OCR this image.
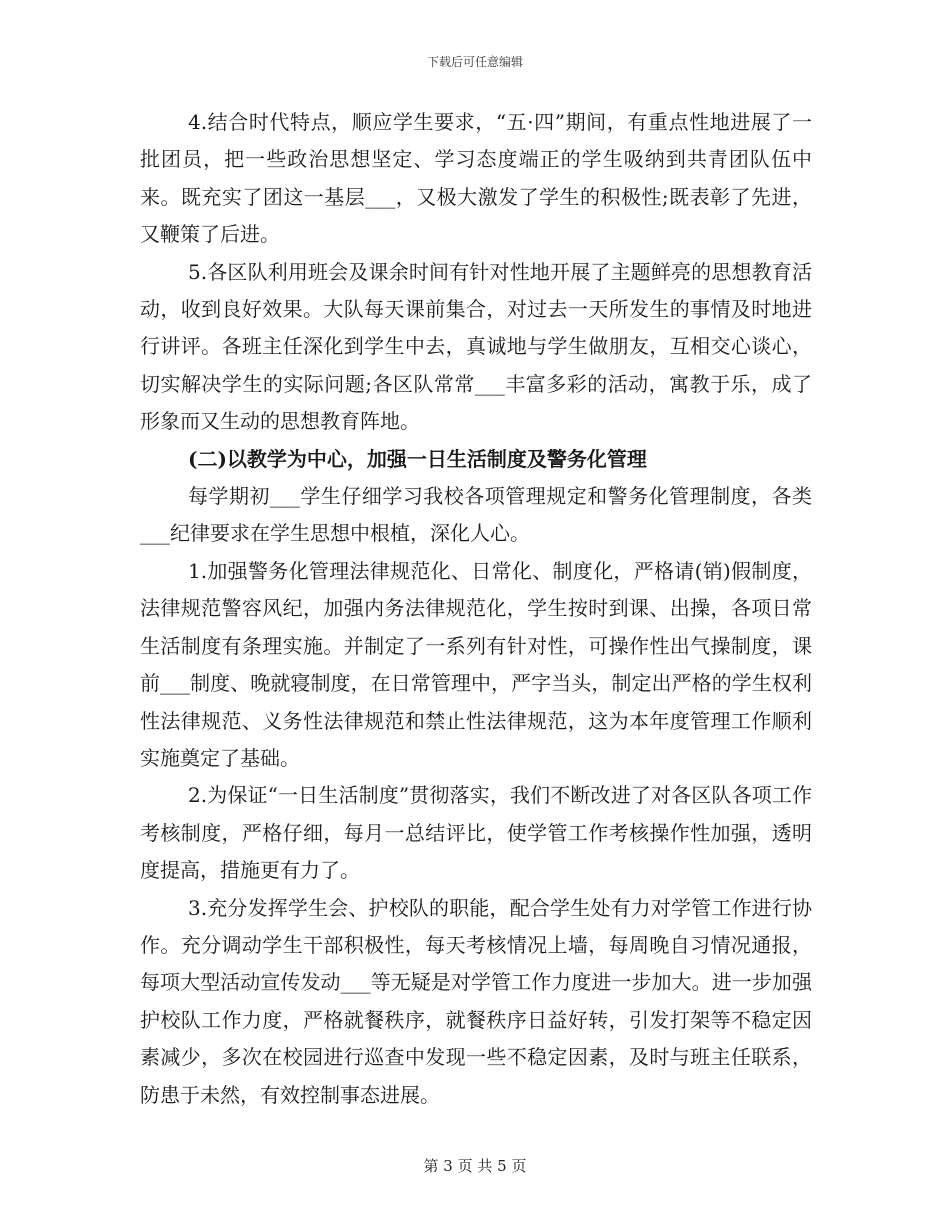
下载后可任意编辑

4.结合时代特点，顺应学生要求，“五·四”期间，有重点性地进展了一批团员，把一些政治思想坚定、学习态度端正的学生吸纳到共青团队伍中来。既充实了团这一基层___，又极大激发了学生的积极性;既表彰了先进，又鞭策了后进。

5.各区队利用班会及课余时间有针对性地开展了主题鲜亮的思想教育活动，收到良好效果。大队每天课前集合，对过去一天所发生的事情及时地进行讲评。各班主任深化到学生中去，真诚地与学生做朋友，互相交心谈心，切实解决学生的实际问题;各区队常常___丰富多彩的活动，寓教于乐，成了形象而又生动的思想教育阵地。

(二)以教学为中心，加强一日生活制度及警务化管理

每学期初___学生仔细学习我校各项管理规定和警务化管理制度，各类___纪律要求在学生思想中根植，深化人心。

1.加强警务化管理法律规范化、日常化、制度化，严格请(销)假制度，法律规范警容风纪，加强内务法律规范化，学生按时到课、出操，各项日常生活制度有条理实施。并制定了一系列有针对性，可操作性出气操制度，课前___制度、晚就寝制度，在日常管理中，严字当头，制定出严格的学生权利性法律规范、义务性法律规范和禁止性法律规范，这为本年度管理工作顺利实施奠定了基础。

2.为保证“一日生活制度”贯彻落实，我们不断改进了对各区队各项工作考核制度，严格仔细，每月一总结评比，使学管工作考核操作性加强，透明度提高，措施更有力了。

3.充分发挥学生会、护校队的职能，配合学生处有力对学管工作进行协作。充分调动学生干部积极性，每天考核情况上墙，每周晚自习情况通报，每项大型活动宣传发动___等无疑是对学管工作力度进一步加大。进一步加强护校队工作力度，严格就餐秩序，就餐秩序日益好转，引发打架等不稳定因素减少，多次在校园进行巡查中发现一些不稳定因素，及时与班主任联系，防患于未然，有效控制事态进展。

第 3 页 共 5 页
